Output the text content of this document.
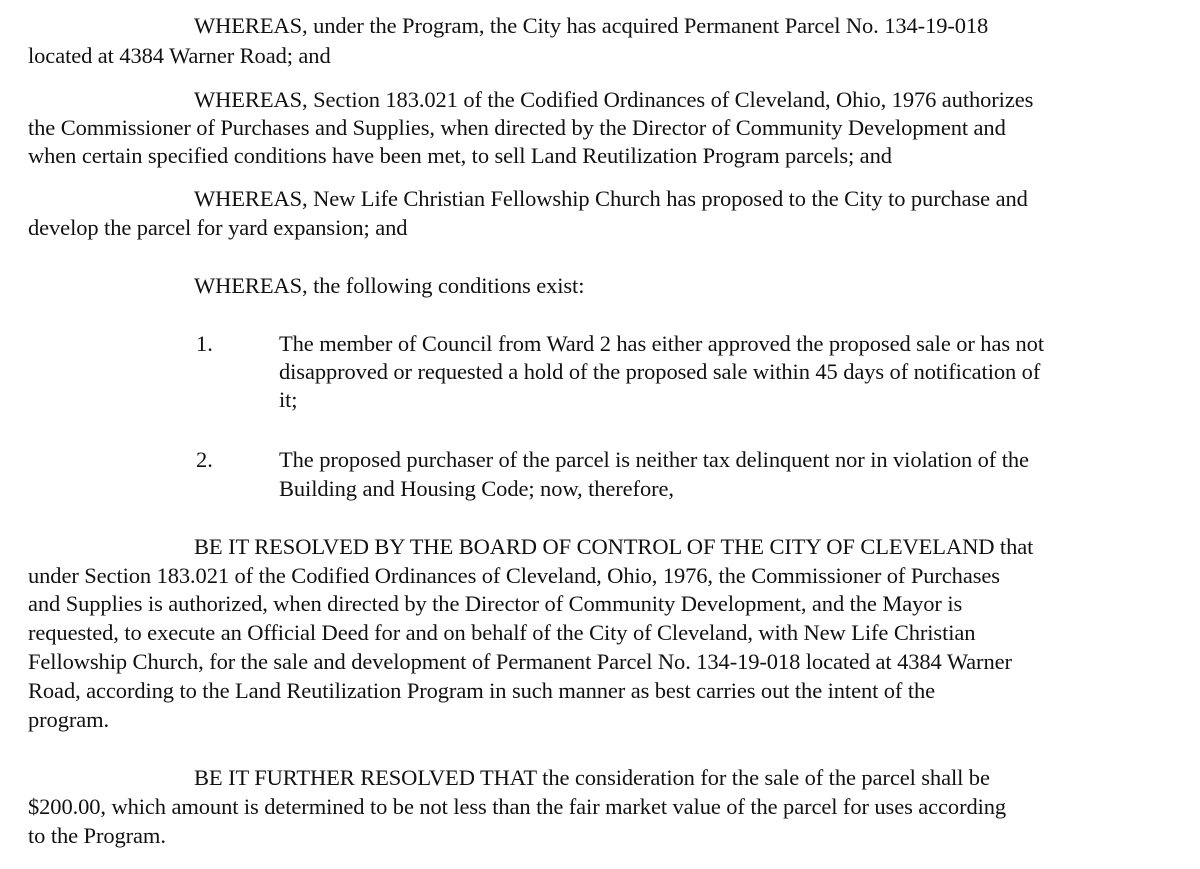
WHEREAS, under the Program, the City has acquired Permanent Parcel No. 134-19-018
located at 4384 Warner Road; and
WHEREAS, Section 183.021 of the Codified Ordinances of Cleveland, Ohio, 1976 authorizes
the Commissioner of Purchases and Supplies, when directed by the Director of Community Development and
when certain specified conditions have been met, to sell Land Reutilization Program parcels; and
WHEREAS, New Life Christian Fellowship Church has proposed to the City to purchase and
develop the parcel for yard expansion; and
WHEREAS, the following conditions exist:
1.	The member of Council from Ward 2 has either approved the proposed sale or has not
disapproved or requested a hold of the proposed sale within 45 days of notification of
it;
2.	The proposed purchaser of the parcel is neither tax delinquent nor in violation of the
Building and Housing Code; now, therefore,
BE IT RESOLVED BY THE BOARD OF CONTROL OF THE CITY OF CLEVELAND that
under Section 183.021 of the Codified Ordinances of Cleveland, Ohio, 1976, the Commissioner of Purchases
and Supplies is authorized, when directed by the Director of Community Development, and the Mayor is
requested, to execute an Official Deed for and on behalf of the City of Cleveland, with New Life Christian
Fellowship Church, for the sale and development of Permanent Parcel No. 134-19-018 located at 4384 Warner
Road, according to the Land Reutilization Program in such manner as best carries out the intent of the
program.
BE IT FURTHER RESOLVED THAT the consideration for the sale of the parcel shall be
$200.00, which amount is determined to be not less than the fair market value of the parcel for uses according
to the Program.
